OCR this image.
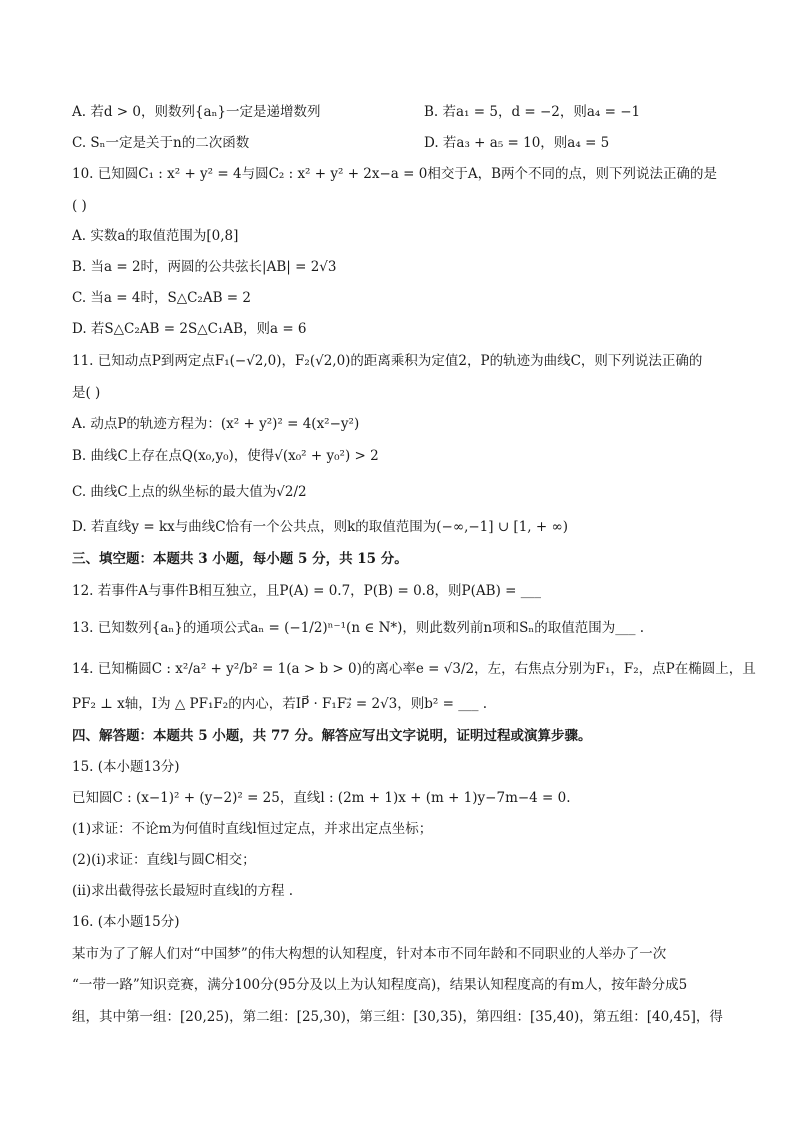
A. 若d > 0，则数列{aₙ}一定是递增数列	B. 若a₁ = 5，d = −2，则a₄ = −1
C. Sₙ一定是关于n的二次函数	D. 若a₃ + a₅ = 10，则a₄ = 5
10. 已知圆C₁ : x² + y² = 4与圆C₂ : x² + y² + 2x−a = 0相交于A，B两个不同的点，则下列说法正确的是
( )
A. 实数a的取值范围为[0,8]
B. 当a = 2时，两圆的公共弦长|AB| = 2√3
C. 当a = 4时，S△C₂AB = 2
D. 若S△C₂AB = 2S△C₁AB，则a = 6
11. 已知动点P到两定点F₁(−√2,0)，F₂(√2,0)的距离乘积为定值2，P的轨迹为曲线C，则下列说法正确的
是( )
A. 动点P的轨迹方程为：(x² + y²)² = 4(x²−y²)
B. 曲线C上存在点Q(x₀,y₀)，使得√(x₀² + y₀²) > 2
C. 曲线C上点的纵坐标的最大值为√2/2
D. 若直线y = kx与曲线C恰有一个公共点，则k的取值范围为(−∞,−1] ∪ [1, + ∞)
三、填空题：本题共 3 小题，每小题 5 分，共 15 分。
12. 若事件A与事件B相互独立，且P(A) = 0.7，P(B) = 0.8，则P(AB) = ___
13. 已知数列{aₙ}的通项公式aₙ = (−1/2)ⁿ⁻¹(n ∈ N*)，则此数列前n项和Sₙ的取值范围为___ .
14. 已知椭圆C : x²/a² + y²/b² = 1(a > b > 0)的离心率e = √3/2，左，右焦点分别为F₁，F₂，点P在椭圆上，且
PF₂ ⊥ x轴，I为 △ PF₁F₂的内心，若IP⃗ · F₁F₂⃗ = 2√3，则b² = ___ .
四、解答题：本题共 5 小题，共 77 分。解答应写出文字说明，证明过程或演算步骤。
15. (本小题13分)
已知圆C : (x−1)² + (y−2)² = 25，直线l : (2m + 1)x + (m + 1)y−7m−4 = 0.
(1)求证：不论m为何值时直线l恒过定点，并求出定点坐标；
(2)(i)求证：直线l与圆C相交；
(ii)求出截得弦长最短时直线l的方程 .
16. (本小题15分)
某市为了了解人们对“中国梦”的伟大构想的认知程度，针对本市不同年龄和不同职业的人举办了一次
“一带一路”知识竞赛，满分100分(95分及以上为认知程度高)，结果认知程度高的有m人，按年龄分成5
组，其中第一组：[20,25)，第二组：[25,30)，第三组：[30,35)，第四组：[35,40)，第五组：[40,45]，得
